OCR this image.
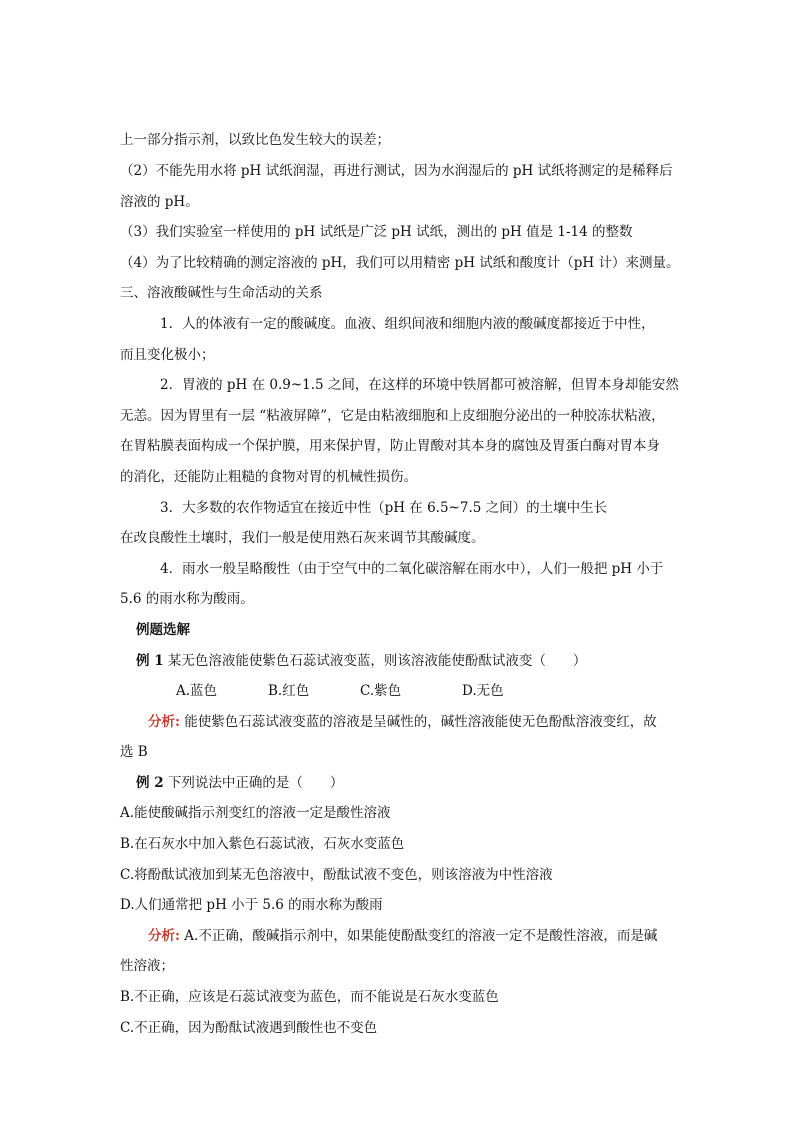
上一部分指示剂，以致比色发生较大的误差；
（2）不能先用水将 pH 试纸润湿，再进行测试，因为水润湿后的 pH 试纸将测定的是稀释后
溶液的 pH。
（3）我们实验室一样使用的 pH 试纸是广泛 pH 试纸，测出的 pH 值是 1-14 的整数
（4）为了比较精确的测定溶液的 pH，我们可以用精密 pH 试纸和酸度计（pH 计）来测量。
三、溶液酸碱性与生命活动的关系
1．人的体液有一定的酸碱度。血液、组织间液和细胞内液的酸碱度都接近于中性，
而且变化极小；
2．胃液的 pH 在 0.9~1.5 之间，在这样的环境中铁屑都可被溶解，但胃本身却能安然
无恙。因为胃里有一层 “粘液屏障”，它是由粘液细胞和上皮细胞分泌出的一种胶冻状粘液，
在胃粘膜表面构成一个保护膜，用来保护胃，防止胃酸对其本身的腐蚀及胃蛋白酶对胃本身
的消化，还能防止粗糙的食物对胃的机械性损伤。
3．大多数的农作物适宜在接近中性（pH 在 6.5~7.5 之间）的土壤中生长
在改良酸性土壤时，我们一般是使用熟石灰来调节其酸碱度。
4．雨水一般呈略酸性（由于空气中的二氧化碳溶解在雨水中），人们一般把 pH 小于
5.6 的雨水称为酸雨。
例题选解
例 1 某无色溶液能使紫色石蕊试液变蓝，则该溶液能使酚酞试液变（　　）
A.蓝色	B.红色	C.紫色	D.无色
分析: 能使紫色石蕊试液变蓝的溶液是呈碱性的，碱性溶液能使无色酚酞溶液变红，故
选 B
例 2 下列说法中正确的是（　　）
A.能使酸碱指示剂变红的溶液一定是酸性溶液
B.在石灰水中加入紫色石蕊试液，石灰水变蓝色
C.将酚酞试液加到某无色溶液中，酚酞试液不变色，则该溶液为中性溶液
D.人们通常把 pH 小于 5.6 的雨水称为酸雨
分析: A.不正确，酸碱指示剂中，如果能使酚酞变红的溶液一定不是酸性溶液，而是碱
性溶液；
B.不正确，应该是石蕊试液变为蓝色，而不能说是石灰水变蓝色
C.不正确，因为酚酞试液遇到酸性也不变色
